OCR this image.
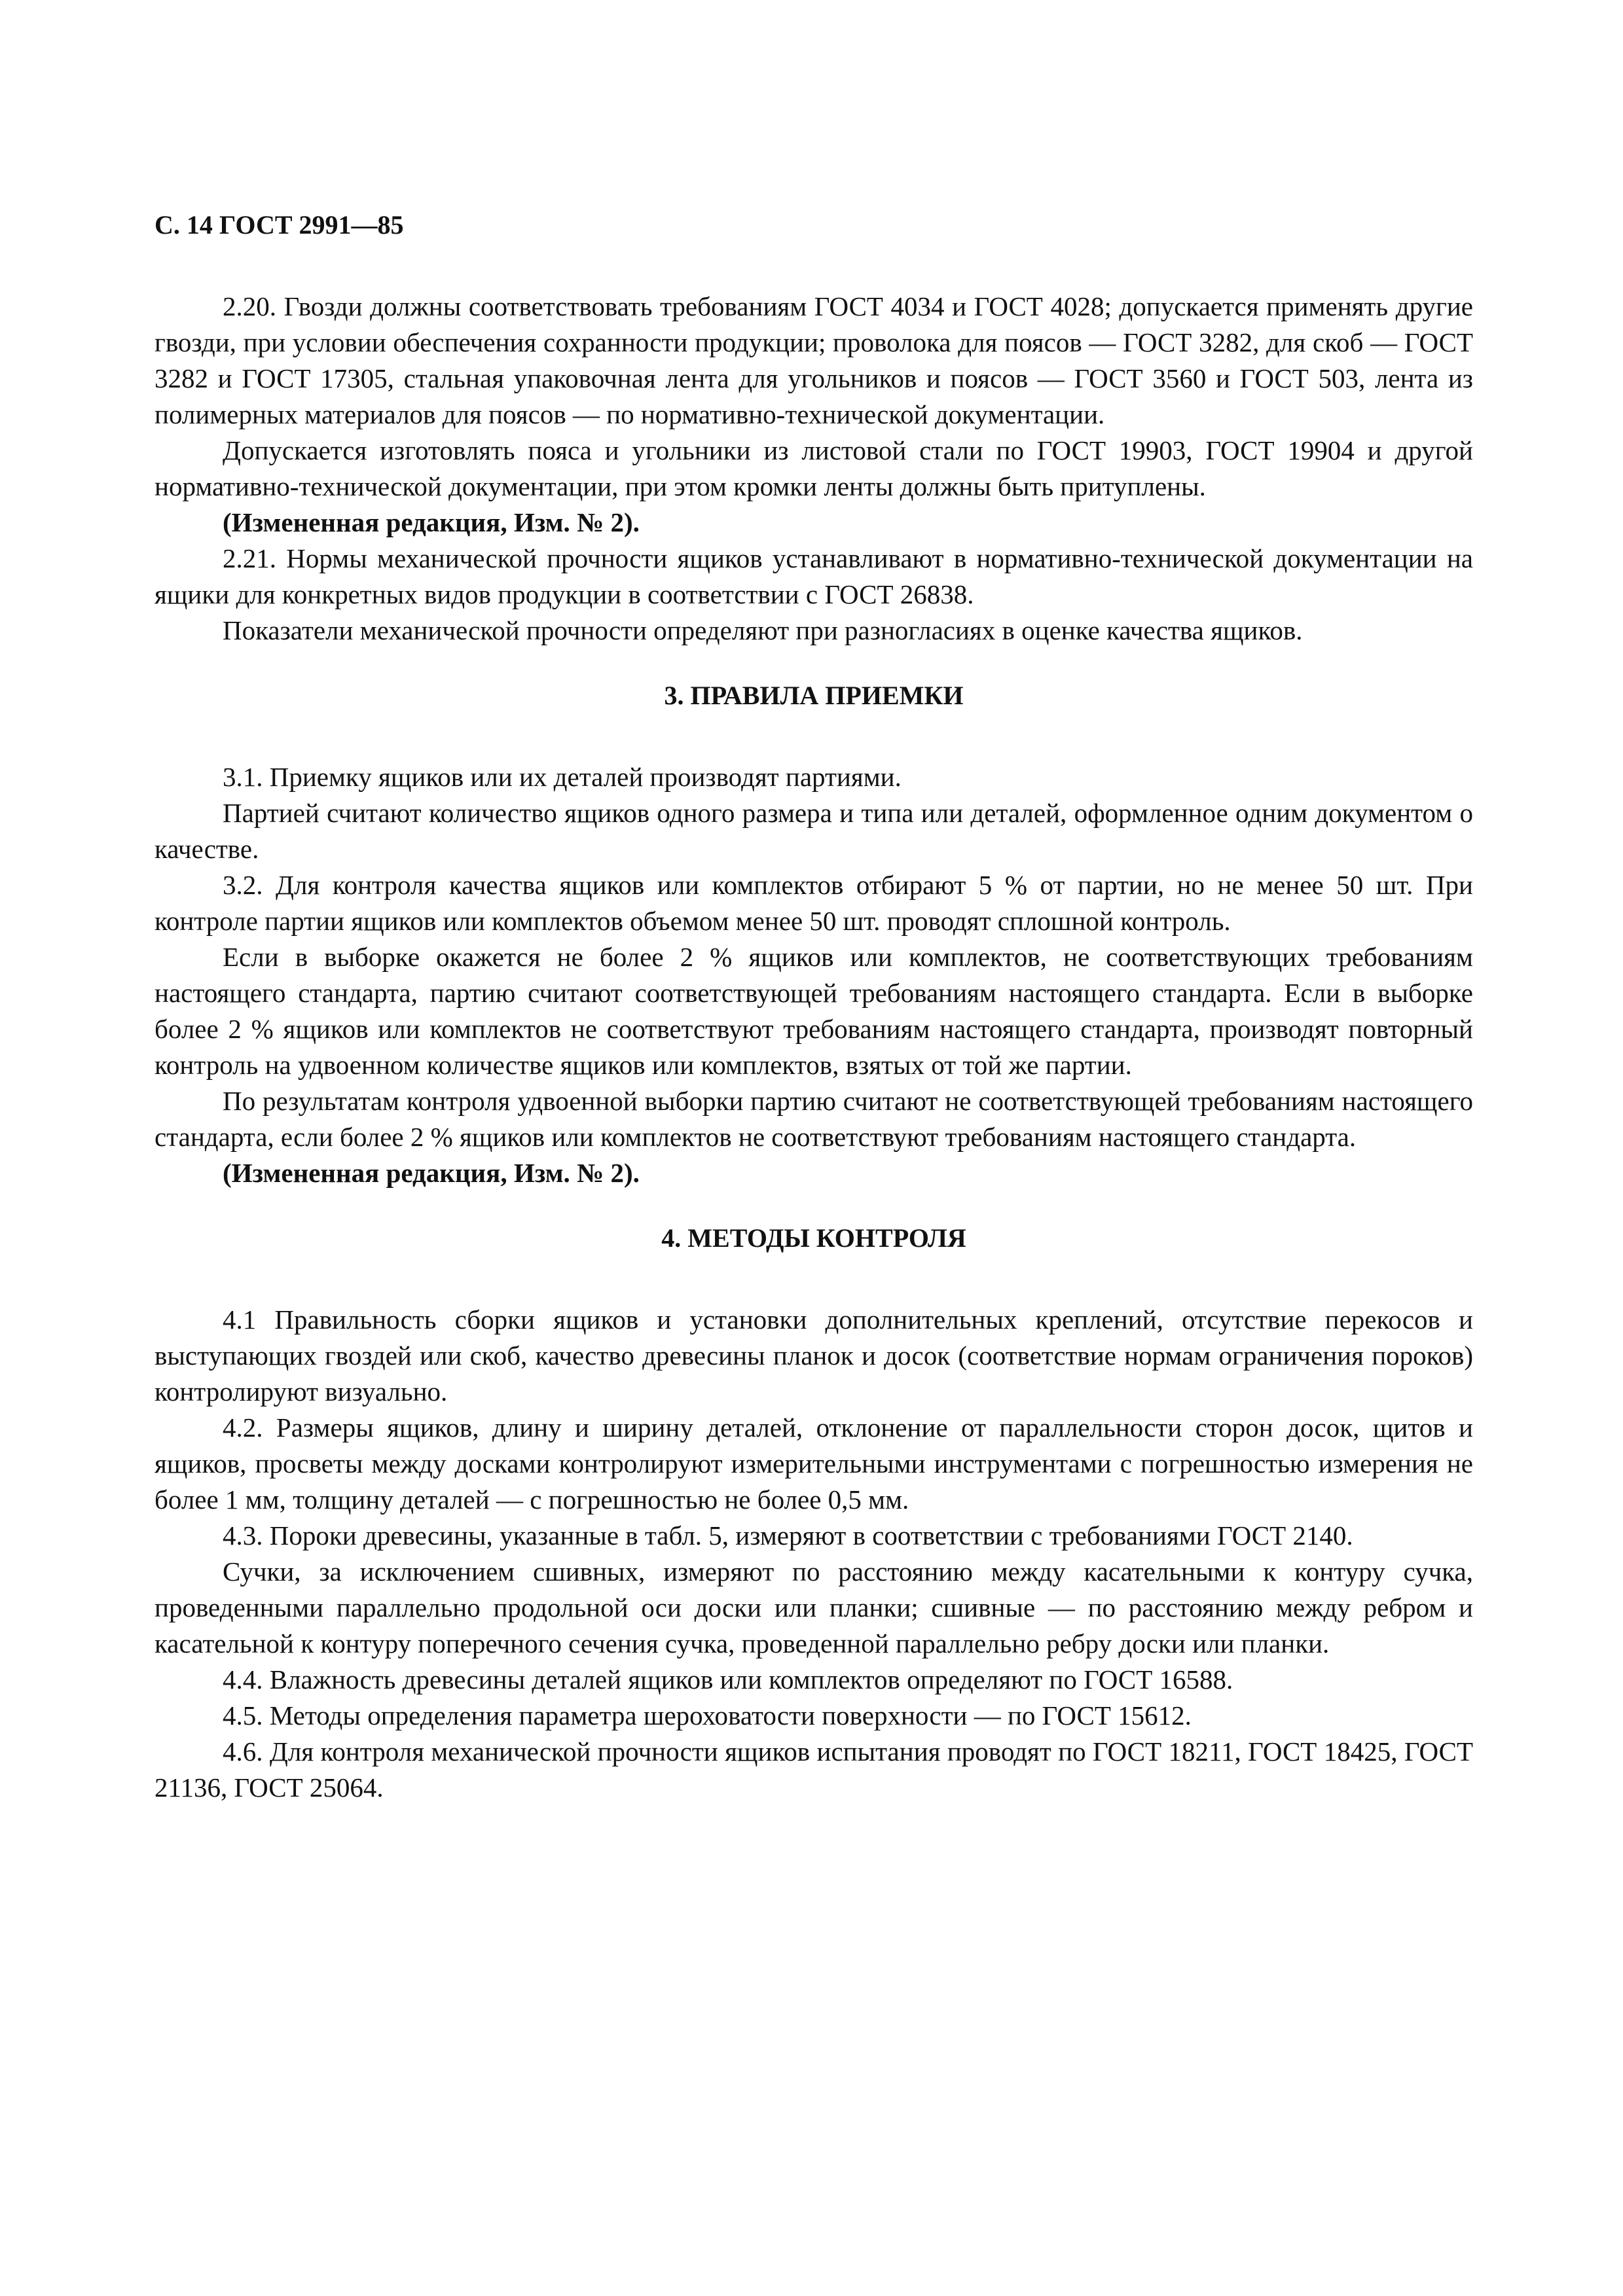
С. 14 ГОСТ 2991—85

2.20. Гвозди должны соответствовать требованиям ГОСТ 4034 и ГОСТ 4028; допускается применять другие гвозди, при условии обеспечения сохранности продукции; проволока для поясов — ГОСТ 3282, для скоб — ГОСТ 3282 и ГОСТ 17305, стальная упаковочная лента для угольников и поясов — ГОСТ 3560 и ГОСТ 503, лента из полимерных материалов для поясов — по нормативно-технической документации.

Допускается изготовлять пояса и угольники из листовой стали по ГОСТ 19903, ГОСТ 19904 и другой нормативно-технической документации, при этом кромки ленты должны быть притуплены.

(Измененная редакция, Изм. № 2).

2.21. Нормы механической прочности ящиков устанавливают в нормативно-технической документации на ящики для конкретных видов продукции в соответствии с ГОСТ 26838.

Показатели механической прочности определяют при разногласиях в оценке качества ящиков.

3. ПРАВИЛА ПРИЕМКИ

3.1. Приемку ящиков или их деталей производят партиями.

Партией считают количество ящиков одного размера и типа или деталей, оформленное одним документом о качестве.

3.2. Для контроля качества ящиков или комплектов отбирают 5 % от партии, но не менее 50 шт. При контроле партии ящиков или комплектов объемом менее 50 шт. проводят сплошной контроль.

Если в выборке окажется не более 2 % ящиков или комплектов, не соответствующих требованиям настоящего стандарта, партию считают соответствующей требованиям настоящего стандарта. Если в выборке более 2 % ящиков или комплектов не соответствуют требованиям настоящего стандарта, производят повторный контроль на удвоенном количестве ящиков или комплектов, взятых от той же партии.

По результатам контроля удвоенной выборки партию считают не соответствующей требованиям настоящего стандарта, если более 2 % ящиков или комплектов не соответствуют требованиям настоящего стандарта.

(Измененная редакция, Изм. № 2).

4. МЕТОДЫ КОНТРОЛЯ

4.1 Правильность сборки ящиков и установки дополнительных креплений, отсутствие перекосов и выступающих гвоздей или скоб, качество древесины планок и досок (соответствие нормам ограничения пороков) контролируют визуально.

4.2. Размеры ящиков, длину и ширину деталей, отклонение от параллельности сторон досок, щитов и ящиков, просветы между досками контролируют измерительными инструментами с погрешностью измерения не более 1 мм, толщину деталей — с погрешностью не более 0,5 мм.

4.3. Пороки древесины, указанные в табл. 5, измеряют в соответствии с требованиями ГОСТ 2140.

Сучки, за исключением сшивных, измеряют по расстоянию между касательными к контуру сучка, проведенными параллельно продольной оси доски или планки; сшивные — по расстоянию между ребром и касательной к контуру поперечного сечения сучка, проведенной параллельно ребру доски или планки.

4.4. Влажность древесины деталей ящиков или комплектов определяют по ГОСТ 16588.

4.5. Методы определения параметра шероховатости поверхности — по ГОСТ 15612.

4.6. Для контроля механической прочности ящиков испытания проводят по ГОСТ 18211, ГОСТ 18425, ГОСТ 21136, ГОСТ 25064.
